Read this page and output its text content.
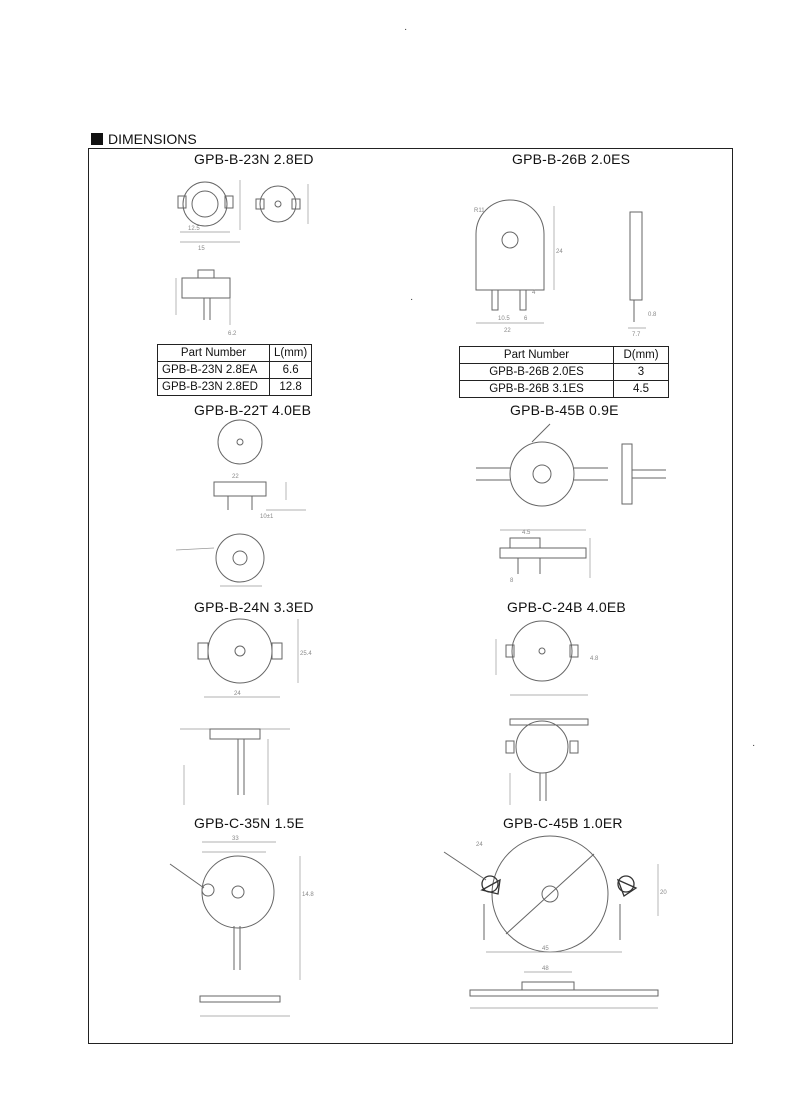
DIMENSIONS
GPB-B-23N 2.8ED	GPB-B-26B 2.0ES
GPB-B-22T 4.0EB	GPB-B-45B 0.9E
GPB-B-24N 3.3ED	GPB-C-24B 4.0EB
GPB-C-35N 1.5E	GPB-C-45B 1.0ER
12.5
15
6.2
Part Number	L(mm)
GPB-B-23N 2.8EA	6.6
GPB-B-23N 2.8ED	12.8
R11
24
10.5
22
6
4
7.7
0.8
Part Number	D(mm)
GPB-B-26B 2.0ES	3
GPB-B-26B 3.1ES	4.5
22
10±1
4.5
8
25.4
24
4.8
33
14.8
24
20
45
48
·
·
·
